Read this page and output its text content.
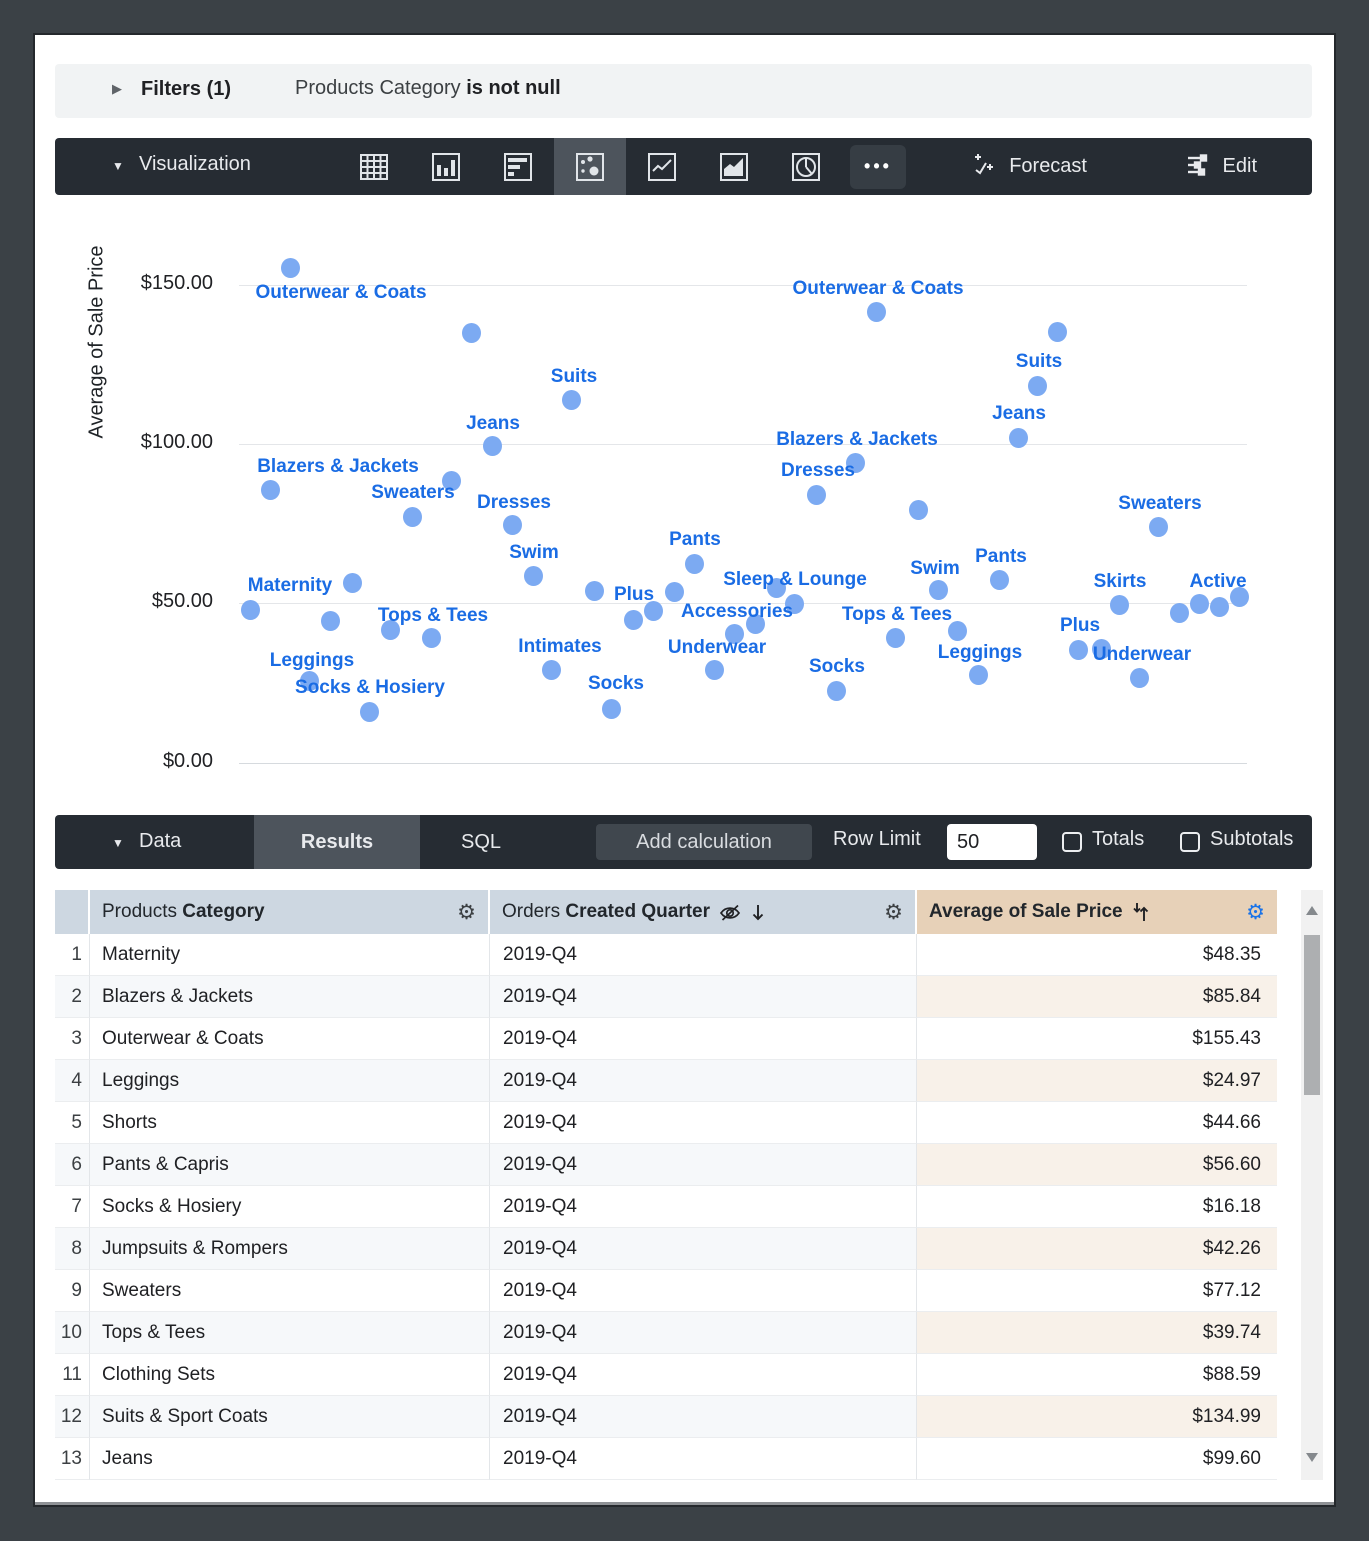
▶ Filters (1)	Products Category is not null
▼ Visualization	•••	Forecast	Edit
$150.00
$100.00
$50.00
$0.00
Outerwear & Coats
Suits
Jeans
Blazers & Jackets
Sweaters Dresses
Swim
Maternity
Tops & Tees
Leggings
Socks & Hosiery
Intimates
Socks
Pants
Plus
Outerwear & Coats
Suits
Jeans
Blazers & Jackets
Dresses
Sweaters
Pants
Swim
Sleep & Lounge	Skirts Active
Accessories	Tops & Tees
Plus
Underwear	Underwear
Leggings
Socks
Average of Sale Price
▼ Data	Results	SQL	Add calculation	Row Limit
50	Totals	Subtotals
Products Category	⚙ Orders Created Quarter	⚙ Average of Sale Price	⚙
1	Maternity	2019-Q4	$48.35
2	Blazers & Jackets	2019-Q4	$85.84
3	Outerwear & Coats	2019-Q4	$155.43
4	Leggings	2019-Q4	$24.97
5	Shorts	2019-Q4	$44.66
6	Pants & Capris	2019-Q4	$56.60
7	Socks & Hosiery	2019-Q4	$16.18
8	Jumpsuits & Rompers	2019-Q4	$42.26
9	Sweaters	2019-Q4	$77.12
10	Tops & Tees	2019-Q4	$39.74
11	Clothing Sets	2019-Q4	$88.59
12	Suits & Sport Coats	2019-Q4	$134.99
13	Jeans	2019-Q4	$99.60
